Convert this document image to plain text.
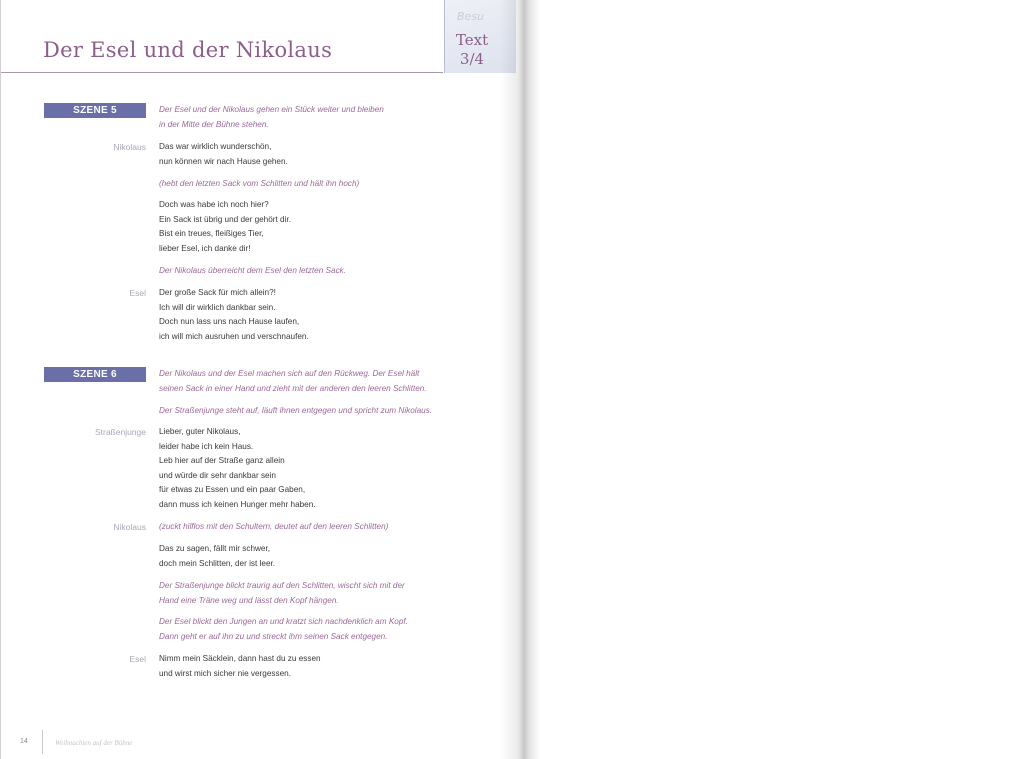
Der Esel und der Nikolaus
Besu
Text
3/4
SZENE 5	Der Esel und der Nikolaus gehen ein Stück weiter und bleiben
in der Mitte der Bühne stehen.
Nikolaus Das war wirklich wunderschön,
nun können wir nach Hause gehen.
(hebt den letzten Sack vom Schlitten und hält ihn hoch)
Doch was habe ich noch hier?
Ein Sack ist übrig und der gehört dir.
Bist ein treues, fleißiges Tier,
lieber Esel, ich danke dir!
Der Nikolaus überreicht dem Esel den letzten Sack.
Esel Der große Sack für mich allein?!
Ich will dir wirklich dankbar sein.
Doch nun lass uns nach Hause laufen,
ich will mich ausruhen und verschnaufen.
SZENE 6	Der Nikolaus und der Esel machen sich auf den Rückweg. Der Esel hält
seinen Sack in einer Hand und zieht mit der anderen den leeren Schlitten.
Der Straßenjunge steht auf, läuft ihnen entgegen und spricht zum Nikolaus.
Straßenjunge Lieber, guter Nikolaus,
leider habe ich kein Haus.
Leb hier auf der Straße ganz allein
und würde dir sehr dankbar sein
für etwas zu Essen und ein paar Gaben,
dann muss ich keinen Hunger mehr haben.
Nikolaus (zuckt hilflos mit den Schultern, deutet auf den leeren Schlitten)
Das zu sagen, fällt mir schwer,
doch mein Schlitten, der ist leer.
Der Straßenjunge blickt traurig auf den Schlitten, wischt sich mit der
Hand eine Träne weg und lässt den Kopf hängen.
Der Esel blickt den Jungen an und kratzt sich nachdenklich am Kopf.
Dann geht er auf ihn zu und streckt ihm seinen Sack entgegen.
Esel Nimm mein Säcklein, dann hast du zu essen
und wirst mich sicher nie vergessen.
14	Weihnachten auf der Bühne
